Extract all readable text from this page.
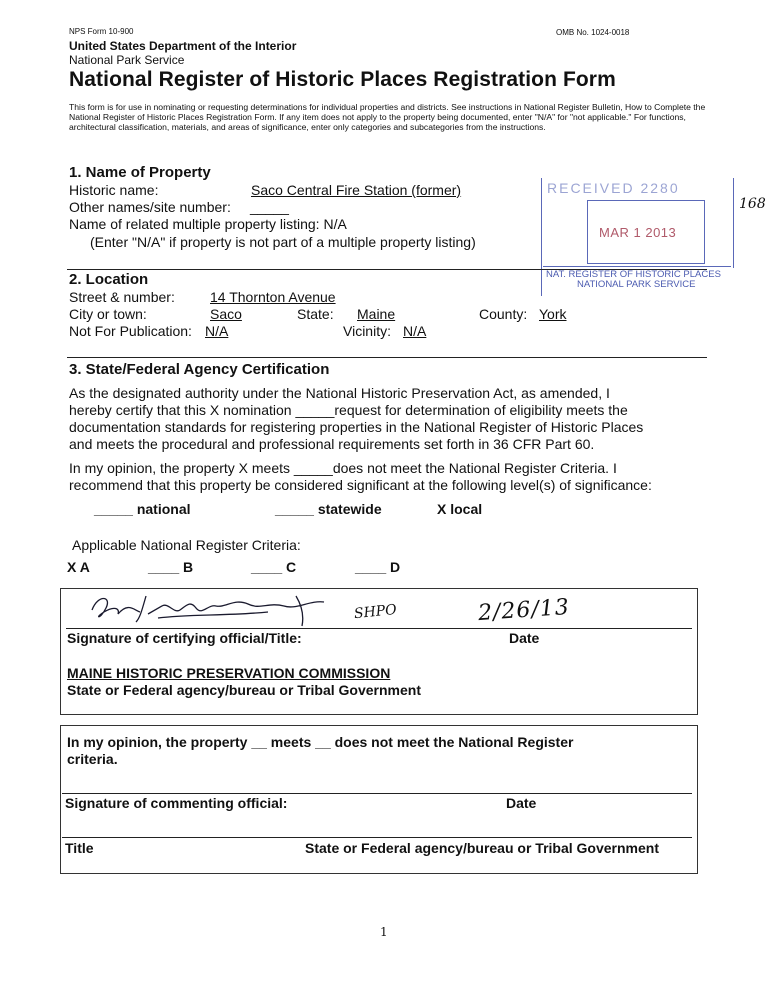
NPS Form 10-900	OMB No. 1024-0018
United States Department of the Interior
National Park Service
National Register of Historic Places Registration Form
This form is for use in nominating or requesting determinations for individual properties and districts. See instructions in National Register Bulletin, How to Complete the National Register of Historic Places Registration Form. If any item does not apply to the property being documented, enter "N/A" for "not applicable." For functions, architectural classification, materials, and areas of significance, enter only categories and subcategories from the instructions.
1. Name of Property
Historic name:	Saco Central Fire Station (former)
Other names/site number: _____
Name of related multiple property listing: N/A
(Enter "N/A" if property is not part of a multiple property listing)
RECEIVED 2280
MAR 1 2013
NAT. REGISTER OF HISTORIC PLACES
NATIONAL PARK SERVICE
168
2. Location
Street & number:	14 Thornton Avenue
City or town:	Saco	State: Maine	County: York
Not For Publication: N/A	Vicinity: N/A
3. State/Federal Agency Certification
As the designated authority under the National Historic Preservation Act, as amended, I
hereby certify that this X nomination _____request for determination of eligibility meets the
documentation standards for registering properties in the National Register of Historic Places
and meets the procedural and professional requirements set forth in 36 CFR Part 60.
In my opinion, the property X meets _____does not meet the National Register Criteria. I
recommend that this property be considered significant at the following level(s) of significance:
_____ national	_____ statewide	X local
Applicable National Register Criteria:
X A	____ B	____ C	____ D
SHPO	2/26/13
Signature of certifying official/Title:	Date
MAINE HISTORIC PRESERVATION COMMISSION
State or Federal agency/bureau or Tribal Government
In my opinion, the property __ meets __ does not meet the National Register
criteria.
Signature of commenting official:	Date
Title	State or Federal agency/bureau or Tribal Government
1
